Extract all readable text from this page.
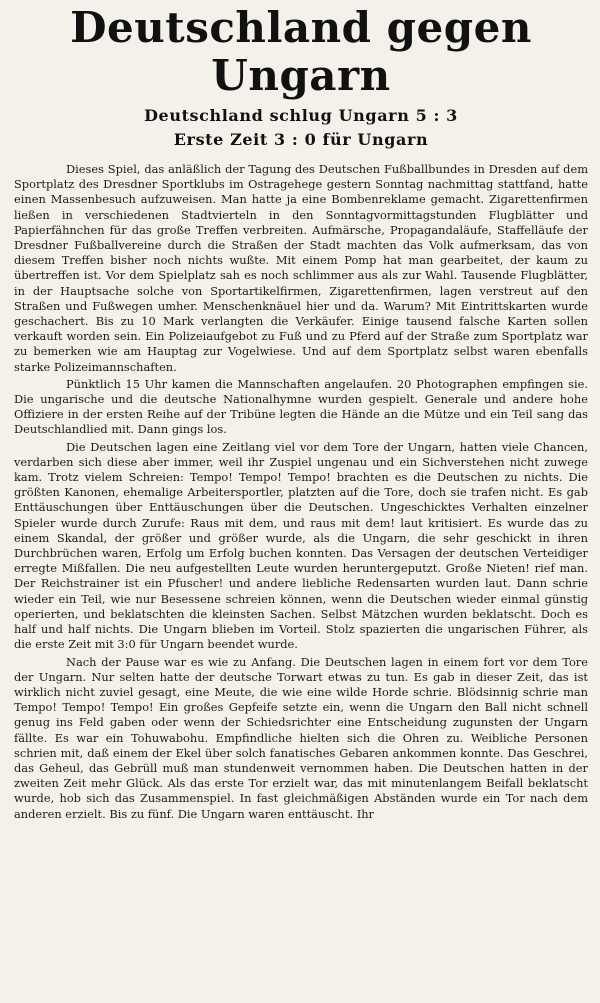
Deutschland gegen Ungarn
Deutschland schlug Ungarn 5 : 3
Erste Zeit 3 : 0 für Ungarn

Dieses Spiel, das anläßlich der Tagung des Deutschen Fußballbundes in Dresden auf dem Sportplatz des Dresdner Sportklubs im Ostragehege gestern Sonntag nachmittag stattfand, hatte einen Massenbesuch aufzuweisen. Man hatte ja eine Bombenreklame gemacht. Zigarettenfirmen ließen in verschiedenen Stadtvierteln in den Sonntagvormittagstunden Flugblätter und Papierfähnchen für das große Treffen verbreiten. Aufmärsche, Propagandaläufe, Staffelläufe der Dresdner Fußballvereine durch die Straßen der Stadt machten das Volk aufmerksam, das von diesem Treffen bisher noch nichts wußte. Mit einem Pomp hat man gearbeitet, der kaum zu übertreffen ist. Vor dem Spielplatz sah es noch schlimmer aus als zur Wahl. Tausende Flugblätter, in der Hauptsache solche von Sportartikelfirmen, Zigarettenfirmen, lagen verstreut auf den Straßen und Fußwegen umher. Menschenknäuel hier und da. Warum? Mit Eintrittskarten wurde geschachert. Bis zu 10 Mark verlangten die Verkäufer. Einige tausend falsche Karten sollen verkauft worden sein. Ein Polizeiaufgebot zu Fuß und zu Pferd auf der Straße zum Sportplatz war zu bemerken wie am Hauptag zur Vogelwiese. Und auf dem Sportplatz selbst waren ebenfalls starke Polizeimannschaften.

Pünktlich 15 Uhr kamen die Mannschaften angelaufen. 20 Photographen empfingen sie. Die ungarische und die deutsche Nationalhymne wurden gespielt. Generale und andere hohe Offiziere in der ersten Reihe auf der Tribüne legten die Hände an die Mütze und ein Teil sang das Deutschlandlied mit. Dann gings los.

Die Deutschen lagen eine Zeitlang viel vor dem Tore der Ungarn, hatten viele Chancen, verdarben sich diese aber immer, weil ihr Zuspiel ungenau und ein Sichverstehen nicht zuwege kam. Trotz vielem Schreien: Tempo! Tempo! Tempo! brachten es die Deutschen zu nichts. Die größten Kanonen, ehemalige Arbeitersportler, platzten auf die Tore, doch sie trafen nicht. Es gab Enttäuschungen über Enttäuschungen über die Deutschen. Ungeschicktes Verhalten einzelner Spieler wurde durch Zurufe: Raus mit dem, und raus mit dem! laut kritisiert. Es wurde das zu einem Skandal, der größer und größer wurde, als die Ungarn, die sehr geschickt in ihren Durchbrüchen waren, Erfolg um Erfolg buchen konnten. Das Versagen der deutschen Verteidiger erregte Mißfallen. Die neu aufgestellten Leute wurden heruntergeputzt. Große Nieten! rief man. Der Reichstrainer ist ein Pfuscher! und andere liebliche Redensarten wurden laut. Dann schrie wieder ein Teil, wie nur Besessene schreien können, wenn die Deutschen wieder einmal günstig operierten, und beklatschten die kleinsten Sachen. Selbst Mätzchen wurden beklatscht. Doch es half und half nichts. Die Ungarn blieben im Vorteil. Stolz spazierten die ungarischen Führer, als die erste Zeit mit 3:0 für Ungarn beendet wurde.

Nach der Pause war es wie zu Anfang. Die Deutschen lagen in einem fort vor dem Tore der Ungarn. Nur selten hatte der deutsche Torwart etwas zu tun. Es gab in dieser Zeit, das ist wirklich nicht zuviel gesagt, eine Meute, die wie eine wilde Horde schrie. Blödsinnig schrie man Tempo! Tempo! Tempo! Ein großes Gepfeife setzte ein, wenn die Ungarn den Ball nicht schnell genug ins Feld gaben oder wenn der Schiedsrichter eine Entscheidung zugunsten der Ungarn fällte. Es war ein Tohuwabohu. Empfindliche hielten sich die Ohren zu. Weibliche Personen schrien mit, daß einem der Ekel über solch fanatisches Gebaren ankommen konnte. Das Geschrei, das Geheul, das Gebrüll muß man stundenweit vernommen haben. Die Deutschen hatten in der zweiten Zeit mehr Glück. Als das erste Tor erzielt war, das mit minutenlangem Beifall beklatscht wurde, hob sich das Zusammenspiel. In fast gleichmäßigen Abständen wurde ein Tor nach dem anderen erzielt. Bis zu fünf. Die Ungarn waren enttäuscht. Ihr
